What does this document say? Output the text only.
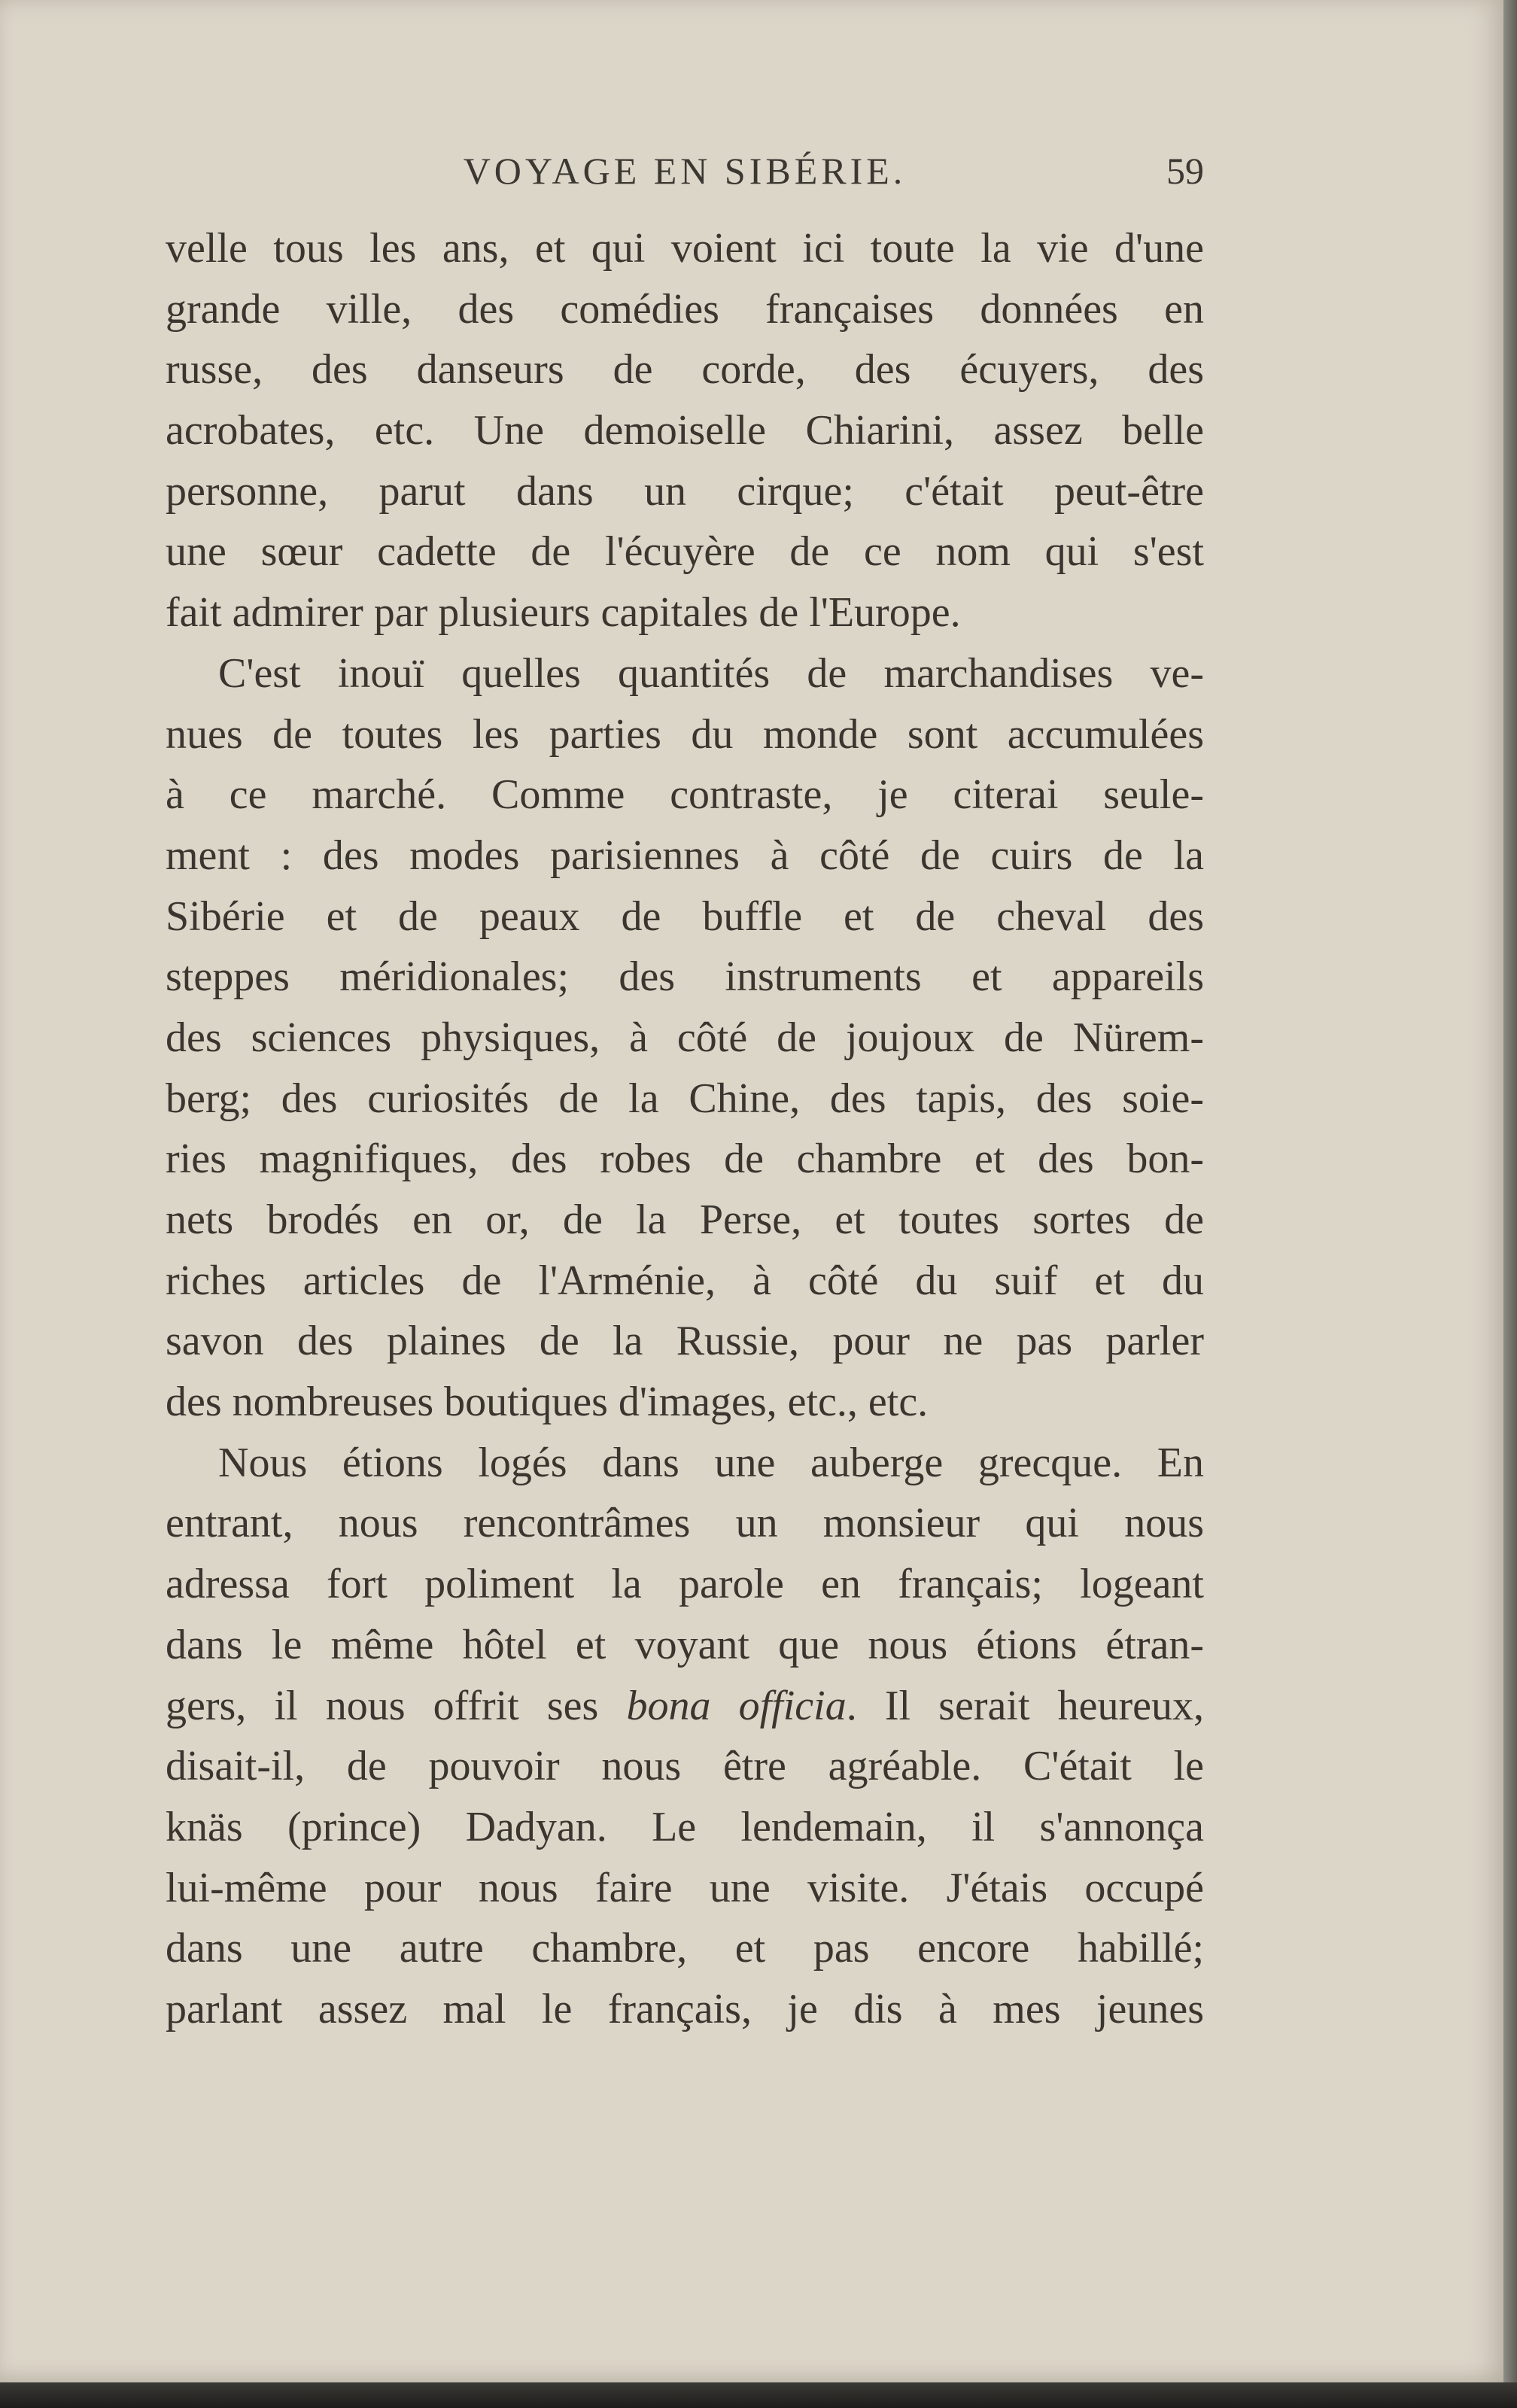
VOYAGE EN SIBÉRIE.	59
velle tous les ans, et qui voient ici toute la vie d'une
grande ville, des comédies françaises données en
russe, des danseurs de corde, des écuyers, des
acrobates, etc. Une demoiselle Chiarini, assez belle
personne, parut dans un cirque; c'était peut-être
une sœur cadette de l'écuyère de ce nom qui s'est
fait admirer par plusieurs capitales de l'Europe.
C'est inouï quelles quantités de marchandises ve-
nues de toutes les parties du monde sont accumulées
à ce marché. Comme contraste, je citerai seule-
ment : des modes parisiennes à côté de cuirs de la
Sibérie et de peaux de buffle et de cheval des
steppes méridionales; des instruments et appareils
des sciences physiques, à côté de joujoux de Nürem-
berg; des curiosités de la Chine, des tapis, des soie-
ries magnifiques, des robes de chambre et des bon-
nets brodés en or, de la Perse, et toutes sortes de
riches articles de l'Arménie, à côté du suif et du
savon des plaines de la Russie, pour ne pas parler
des nombreuses boutiques d'images, etc., etc.
Nous étions logés dans une auberge grecque. En
entrant, nous rencontrâmes un monsieur qui nous
adressa fort poliment la parole en français; logeant
dans le même hôtel et voyant que nous étions étran-
gers, il nous offrit ses bona officia. Il serait heureux,
disait-il, de pouvoir nous être agréable. C'était le
knäs (prince) Dadyan. Le lendemain, il s'annonça
lui-même pour nous faire une visite. J'étais occupé
dans une autre chambre, et pas encore habillé;
parlant assez mal le français, je dis à mes jeunes
